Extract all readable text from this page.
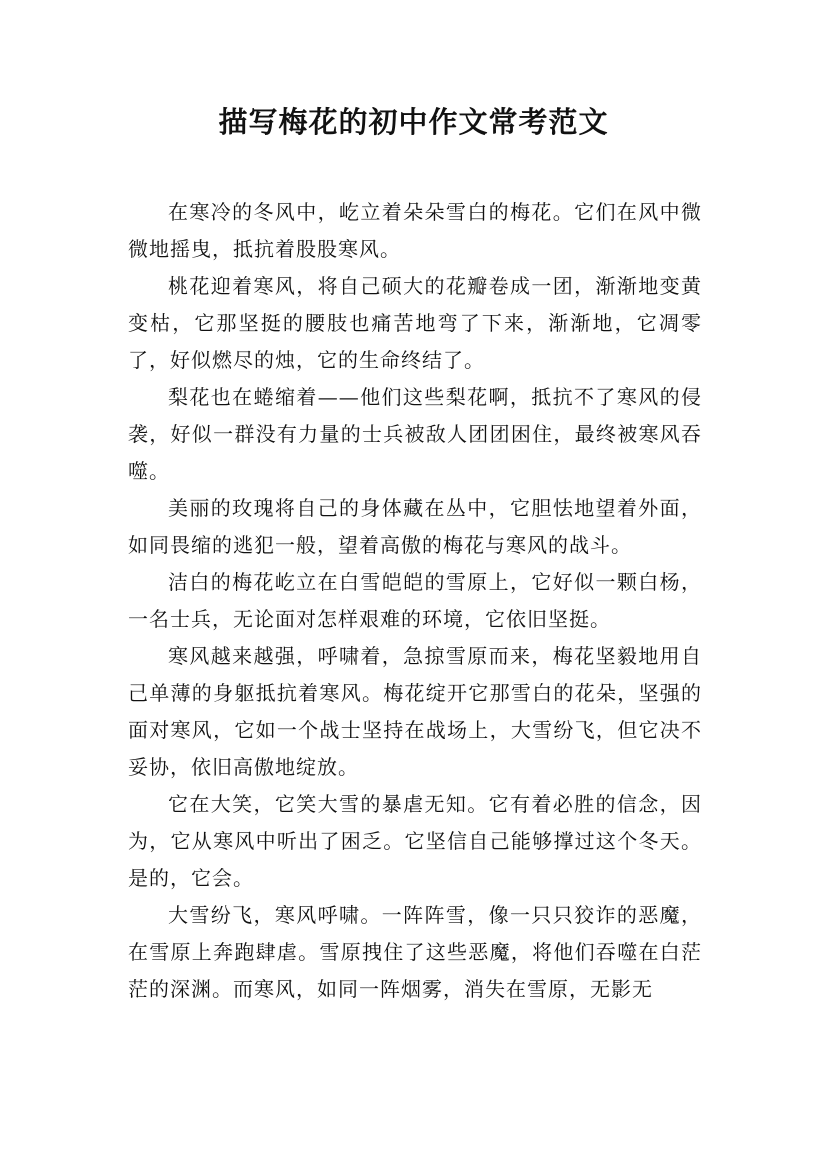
描写梅花的初中作文常考范文

在寒冷的冬风中，屹立着朵朵雪白的梅花。它们在风中微微地摇曳，抵抗着股股寒风。

桃花迎着寒风，将自己硕大的花瓣卷成一团，渐渐地变黄变枯，它那坚挺的腰肢也痛苦地弯了下来，渐渐地，它凋零了，好似燃尽的烛，它的生命终结了。

梨花也在蜷缩着——他们这些梨花啊，抵抗不了寒风的侵袭，好似一群没有力量的士兵被敌人团团困住，最终被寒风吞噬。

美丽的玫瑰将自己的身体藏在丛中，它胆怯地望着外面，如同畏缩的逃犯一般，望着高傲的梅花与寒风的战斗。

洁白的梅花屹立在白雪皑皑的雪原上，它好似一颗白杨，一名士兵，无论面对怎样艰难的环境，它依旧坚挺。

寒风越来越强，呼啸着，急掠雪原而来，梅花坚毅地用自己单薄的身躯抵抗着寒风。梅花绽开它那雪白的花朵，坚强的面对寒风，它如一个战士坚持在战场上，大雪纷飞，但它决不妥协，依旧高傲地绽放。

它在大笑，它笑大雪的暴虐无知。它有着必胜的信念，因为，它从寒风中听出了困乏。它坚信自己能够撑过这个冬天。是的，它会。

大雪纷飞，寒风呼啸。一阵阵雪，像一只只狡诈的恶魔，在雪原上奔跑肆虐。雪原拽住了这些恶魔，将他们吞噬在白茫茫的深渊。而寒风，如同一阵烟雾，消失在雪原，无影无
